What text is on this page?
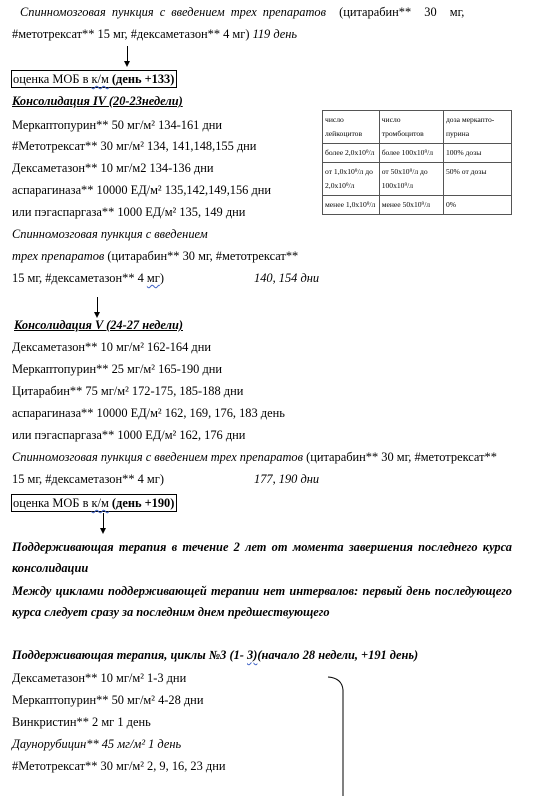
Спинномозговая пункция с введением трех препаратов (цитарабин** 30 мг,
#метотрексат** 15 мг, #дексаметазон** 4 мг) 119 день
оценка МОБ в к/м (день +133)
Консолидация IV (20-23недели)
Меркаптопурин** 50 мг/м² 134-161 дни
#Метотрексат** 30 мг/м² 134, 141,148,155 дни
Дексаметазон** 10 мг/м2 134-136 дни
аспарагиназа** 10000 ЕД/м² 135,142,149,156 дни
или пэгаспаргаза** 1000 ЕД/м² 135, 149 дни
Спинномозговая пункция с введением
трех препаратов (цитарабин** 30 мг, #метотрексат**
15 мг, #дексаметазон** 4 мг)	140, 154 дни
число лейкоцитов	число тромбоцитов	доза меркапто-пурина
более 2,0х10⁹/л	более 100х10⁹/л	100% дозы
от 1,0х10⁹/л до 2,0х10⁹/л	от 50х10⁹/л до 100х10⁹/л	50% от дозы
менее 1,0х10⁹/л	менее 50х10⁹/л	0%
Консолидация V (24-27 недели)
Дексаметазон** 10 мг/м² 162-164 дни
Меркаптопурин** 25 мг/м² 165-190 дни
Цитарабин** 75 мг/м² 172-175, 185-188 дни
аспарагиназа** 10000 ЕД/м² 162, 169, 176, 183 день
или пэгаспаргаза** 1000 ЕД/м² 162, 176 дни
Спинномозговая пункция с введением трех препаратов (цитарабин** 30 мг, #метотрексат**
15 мг, #дексаметазон** 4 мг)	177, 190 дни
оценка МОБ в к/м (день +190)
Поддерживающая терапия в течение 2 лет от момента завершения последнего курса консолидации
Между циклами поддерживающей терапии нет интервалов: первый день последующего курса следует сразу за последним днем предшествующего
Поддерживающая терапия, циклы №3 (1- 3)(начало 28 недели, +191 день)
Дексаметазон** 10 мг/м² 1-3 дни
Меркаптопурин** 50 мг/м² 4-28 дни
Винкристин** 2 мг 1 день
Даунорубицин** 45 мг/м² 1 день
#Метотрексат** 30 мг/м² 2, 9, 16, 23 дни
